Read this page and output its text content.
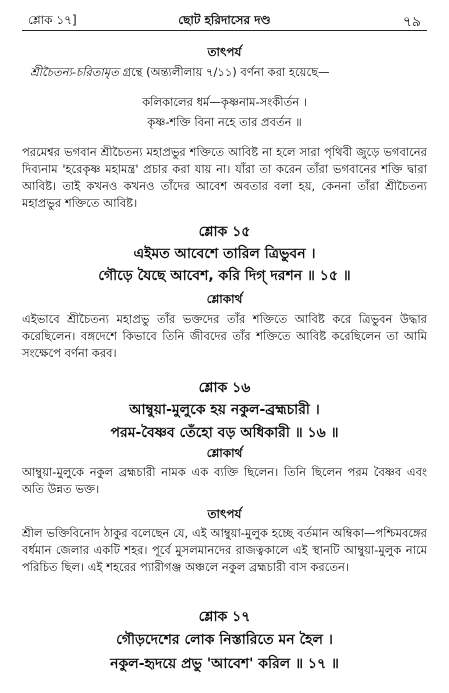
শ্লোক ১৭]	ছোট হরিদাসের দণ্ড	৭৯
তাৎপর্য
শ্রীচৈতন্য-চরিতামৃত গ্রন্থে (অন্ত্যলীলায় ৭/১১) বর্ণনা করা হয়েছে—
কলিকালের ধর্ম—কৃষ্ণনাম-সংকীর্তন ।
কৃষ্ণ-শক্তি বিনা নহে তার প্রবর্তন ॥
পরমেশ্বর ভগবান শ্রীচৈতন্য মহাপ্রভুর শক্তিতে আবিষ্ট না হলে সারা পৃথিবী জুড়ে ভগবানের দিব্যনাম 'হরেকৃষ্ণ মহামন্ত্র' প্রচার করা যায় না। যাঁরা তা করেন তাঁরা ভগবানের শক্তি দ্বারা আবিষ্ট। তাই কখনও কখনও তাঁদের আবেশ অবতার বলা হয়, কেননা তাঁরা শ্রীচৈতন্য মহাপ্রভুর শক্তিতে আবিষ্ট।
শ্লোক ১৫
এইমত আবেশে তারিল ত্রিভুবন ।
গৌড়ে যৈছে আবেশ, করি দিগ্ দরশন ॥ ১৫ ॥
শ্লোকার্থ
এইভাবে শ্রীচৈতন্য মহাপ্রভু তাঁর ভক্তদের তাঁর শক্তিতে আবিষ্ট করে ত্রিভুবন উদ্ধার করেছিলেন। বঙ্গদেশে কিভাবে তিনি জীবদের তাঁর শক্তিতে আবিষ্ট করেছিলেন তা আমি সংক্ষেপে বর্ণনা করব।
শ্লোক ১৬
আম্বুয়া-মুলুকে হয় নকুল-ব্রহ্মচারী ।
পরম-বৈষ্ণব তেঁহো বড় অধিকারী ॥ ১৬ ॥
শ্লোকার্থ
আম্বুয়া-মুলুকে নকুল ব্রহ্মচারী নামক এক ব্যক্তি ছিলেন। তিনি ছিলেন পরম বৈষ্ণব এবং অতি উন্নত ভক্ত।
তাৎপর্য
শ্রীল ভক্তিবিনোদ ঠাকুর বলেছেন যে, এই আম্বুয়া-মুলুক হচ্ছে বর্তমান অম্বিকা—পশ্চিমবঙ্গের বর্ধমান জেলার একটি শহর। পূর্বে মুসলমানদের রাজত্বকালে এই স্থানটি আম্বুয়া-মুলুক নামে পরিচিত ছিল। এই শহরের প্যারীগঞ্জ অঞ্চলে নকুল ব্রহ্মচারী বাস করতেন।
শ্লোক ১৭
গৌড়দেশের লোক নিস্তারিতে মন হৈল ।
নকুল-হৃদয়ে প্রভু 'আবেশ' করিল ॥ ১৭ ॥
